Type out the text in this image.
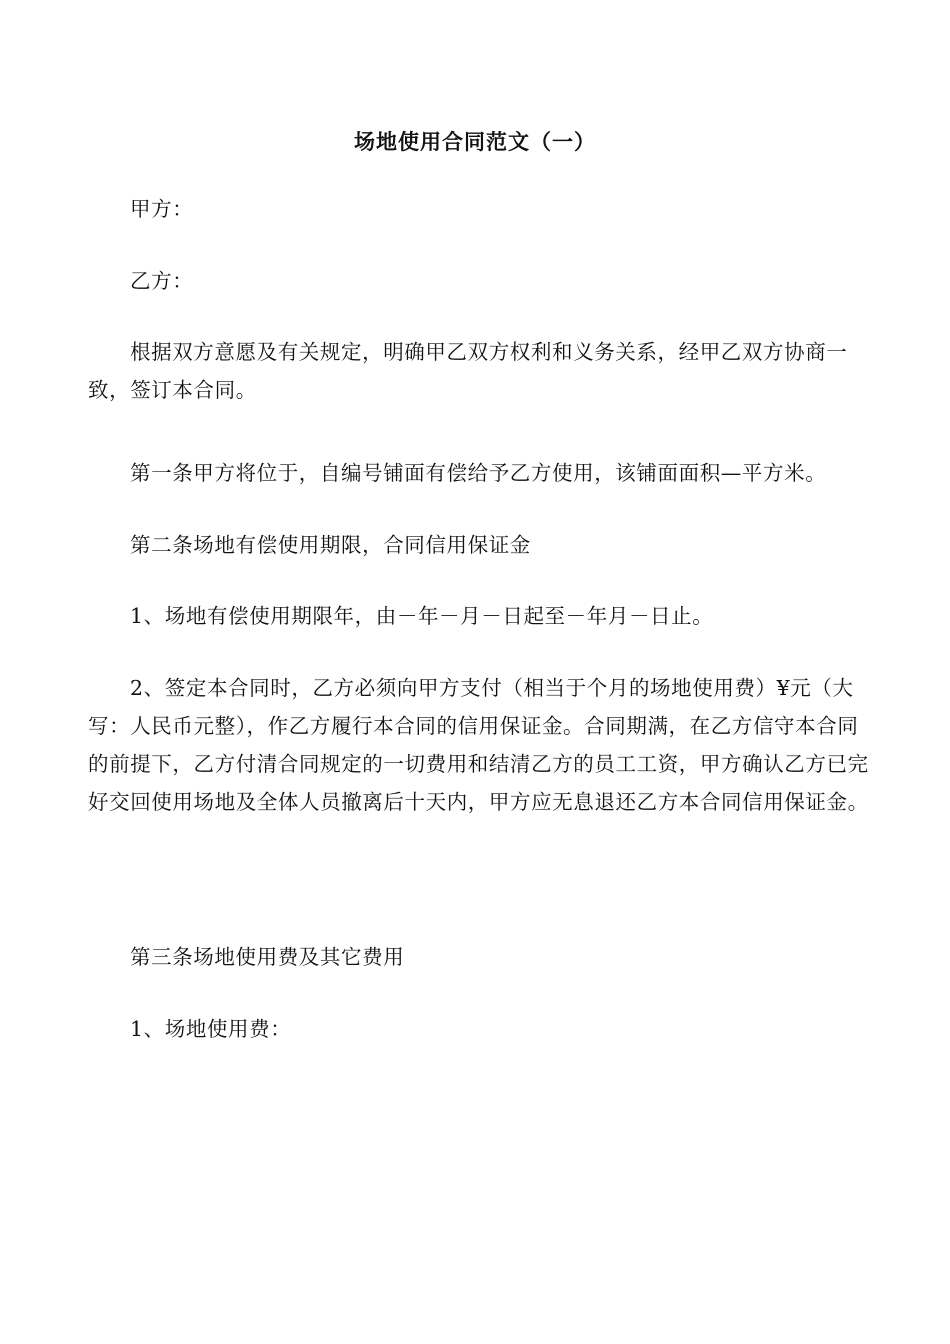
场地使用合同范文（一）

甲方：

乙方：

根据双方意愿及有关规定，明确甲乙双方权利和义务关系，经甲乙双方协商一致，签订本合同。

第一条甲方将位于，自编号铺面有偿给予乙方使用，该铺面面积—平方米。

第二条场地有偿使用期限，合同信用保证金

1、场地有偿使用期限年，由－年－月－日起至－年月－日止。

2、签定本合同时，乙方必须向甲方支付（相当于个月的场地使用费）¥元（大写：人民币元整），作乙方履行本合同的信用保证金。合同期满，在乙方信守本合同的前提下，乙方付清合同规定的一切费用和结清乙方的员工工资，甲方确认乙方已完好交回使用场地及全体人员撤离后十天内，甲方应无息退还乙方本合同信用保证金。

第三条场地使用费及其它费用

1、场地使用费：
